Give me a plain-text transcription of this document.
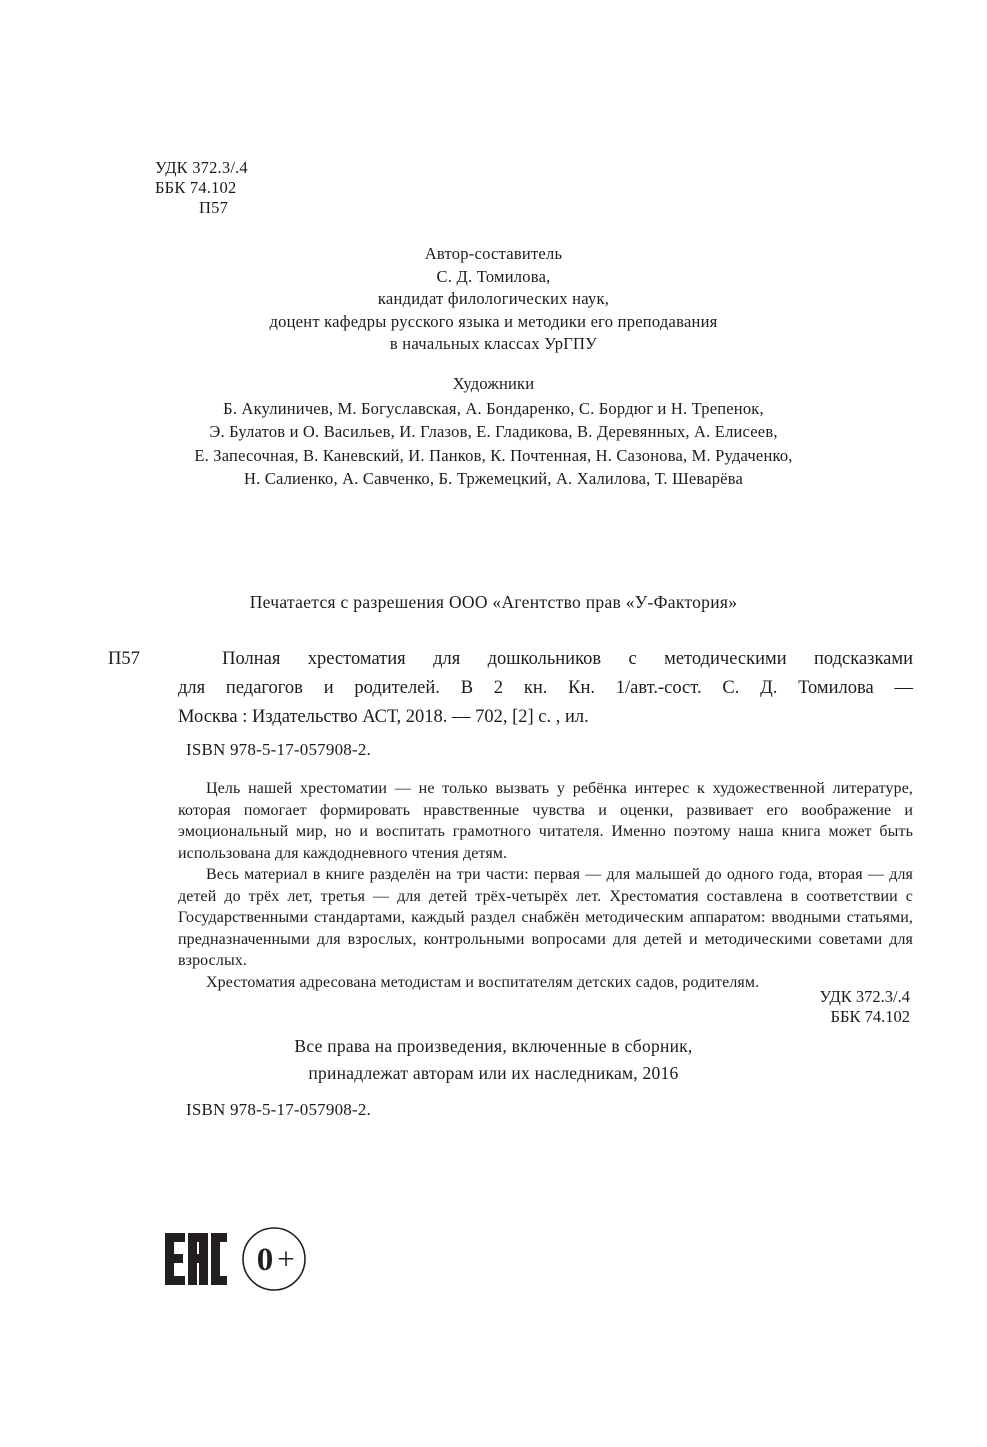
УДК 372.3/.4
ББК 74.102
П57
Автор-составитель
С. Д. Томилова,
кандидат филологических наук,
доцент кафедры русского языка и методики его преподавания
в начальных классах УрГПУ
Художники
Б. Акулиничев, М. Богуславская, А. Бондаренко, С. Бордюг и Н. Трепенок,
Э. Булатов и О. Васильев, И. Глазов, Е. Гладикова, В. Деревянных, А. Елисеев,
Е. Запесочная, В. Каневский, И. Панков, К. Почтенная, Н. Сазонова, М. Рудаченко,
Н. Салиенко, А. Савченко, Б. Тржемецкий, А. Халилова, Т. Шеварёва
Печатается с разрешения ООО «Агентство прав «У-Фактория»
П57	Полная хрестоматия для дошкольников с методическими подсказками
для педагогов и родителей. В 2 кн. Кн. 1/авт.-сост. С. Д. Томилова —
Москва : Издательство АСТ, 2018. — 702, [2] с. , ил.
ISBN 978-5-17-057908-2.

Цель нашей хрестоматии — не только вызвать у ребёнка интерес к художественной литературе, которая помогает формировать нравственные чувства и оценки, развивает его воображение и эмоциональный мир, но и воспитать грамотного читателя. Именно поэтому наша книга может быть использована для каждодневного чтения детям.

Весь материал в книге разделён на три части: первая — для малышей до одного года, вторая — для детей до трёх лет, третья — для детей трёх-четырёх лет. Хрестоматия составлена в соответствии с Государственными стандартами, каждый раздел снабжён методическим аппаратом: вводными статьями, предназначенными для взрослых, контрольными вопросами для детей и методическими советами для взрослых.

Хрестоматия адресована методистам и воспитателям детских садов, родителям.

УДК 372.3/.4
ББК 74.102
Все права на произведения, включенные в сборник,
принадлежат авторам или их наследникам, 2016
ISBN 978-5-17-057908-2.
0 +
